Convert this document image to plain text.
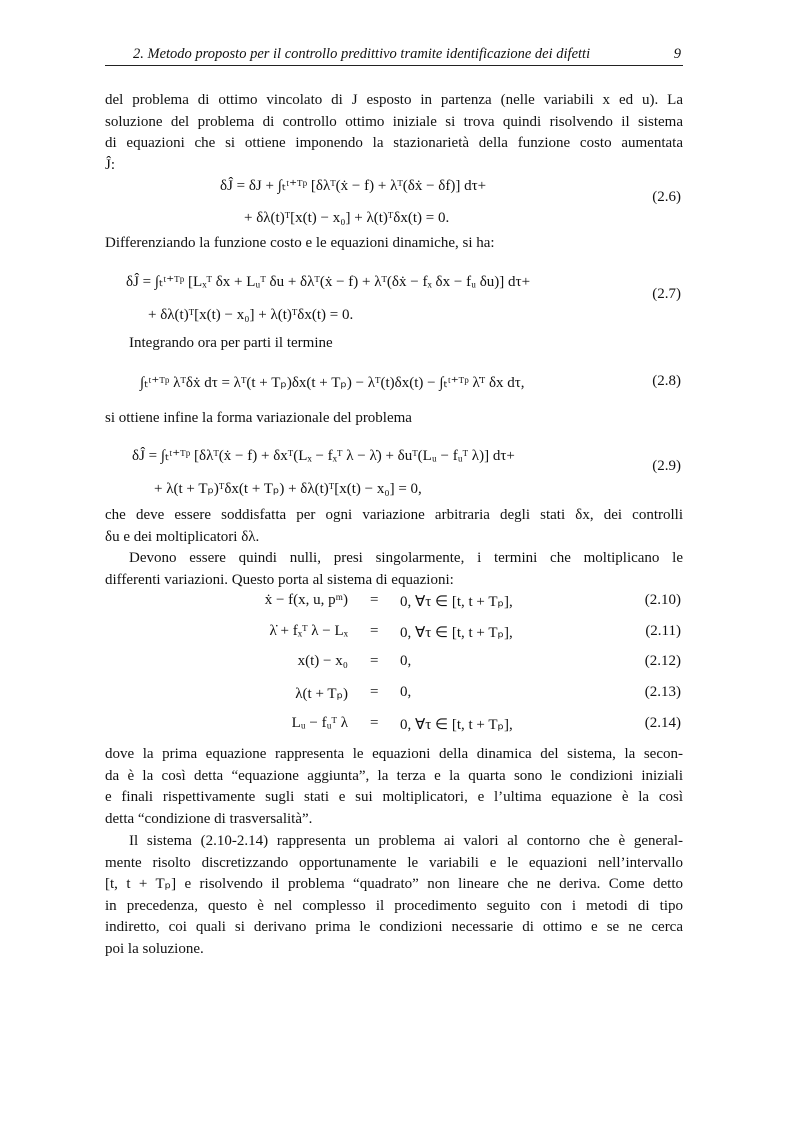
2. Metodo proposto per il controllo predittivo tramite identificazione dei difetti	9
del problema di ottimo vincolato di J esposto in partenza (nelle variabili x ed u). La
soluzione del problema di controllo ottimo iniziale si trova quindi risolvendo il sistema
di equazioni che si ottiene imponendo la stazionarietà della funzione costo aumentata
Ĵ:
δĴ = δJ + ∫ₜᵗ⁺ᵀᵖ [δλᵀ(ẋ − f) + λᵀ(δẋ − δf)] dτ+
+ δλ(t)ᵀ[x(t) − x₀] + λ(t)ᵀδx(t) = 0.
(2.6)
Differenziando la funzione costo e le equazioni dinamiche, si ha:
δĴ = ∫ₜᵗ⁺ᵀᵖ [Lₓᵀ δx + Lᵤᵀ δu + δλᵀ(ẋ − f) + λᵀ(δẋ − fₓ δx − fᵤ δu)] dτ+
+ δλ(t)ᵀ[x(t) − x₀] + λ(t)ᵀδx(t) = 0.
(2.7)
Integrando ora per parti il termine
∫ₜᵗ⁺ᵀᵖ λᵀδẋ dτ = λᵀ(t + Tₚ)δx(t + Tₚ) − λᵀ(t)δx(t) − ∫ₜᵗ⁺ᵀᵖ λ̇ᵀ δx dτ,	(2.8)
si ottiene infine la forma variazionale del problema
δĴ = ∫ₜᵗ⁺ᵀᵖ [δλᵀ(ẋ − f) + δxᵀ(Lₓ − fₓᵀ λ − λ̇) + δuᵀ(Lᵤ − fᵤᵀ λ)] dτ+
+ λ(t + Tₚ)ᵀδx(t + Tₚ) + δλ(t)ᵀ[x(t) − x₀] = 0,
(2.9)
che deve essere soddisfatta per ogni variazione arbitraria degli stati δx, dei controlli
δu e dei moltiplicatori δλ.
Devono essere quindi nulli, presi singolarmente, i termini che moltiplicano le
differenti variazioni. Questo porta al sistema di equazioni:
ẋ − f(x, u, pᵐ) = 0, ∀τ ∈ [t, t + Tₚ],	(2.10)
λ̇ + fₓᵀ λ − Lₓ = 0, ∀τ ∈ [t, t + Tₚ],	(2.11)
x(t) − x₀ = 0,	(2.12)
λ(t + Tₚ) = 0,	(2.13)
Lᵤ − fᵤᵀ λ = 0, ∀τ ∈ [t, t + Tₚ],	(2.14)
dove la prima equazione rappresenta le equazioni della dinamica del sistema, la secon-
da è la così detta “equazione aggiunta”, la terza e la quarta sono le condizioni iniziali
e finali rispettivamente sugli stati e sui moltiplicatori, e l’ultima equazione è la così
detta “condizione di trasversalità”.
Il sistema (2.10-2.14) rappresenta un problema ai valori al contorno che è general-
mente risolto discretizzando opportunamente le variabili e le equazioni nell’intervallo
[t, t + Tₚ] e risolvendo il problema “quadrato” non lineare che ne deriva. Come detto
in precedenza, questo è nel complesso il procedimento seguito con i metodi di tipo
indiretto, coi quali si derivano prima le condizioni necessarie di ottimo e se ne cerca
poi la soluzione.
